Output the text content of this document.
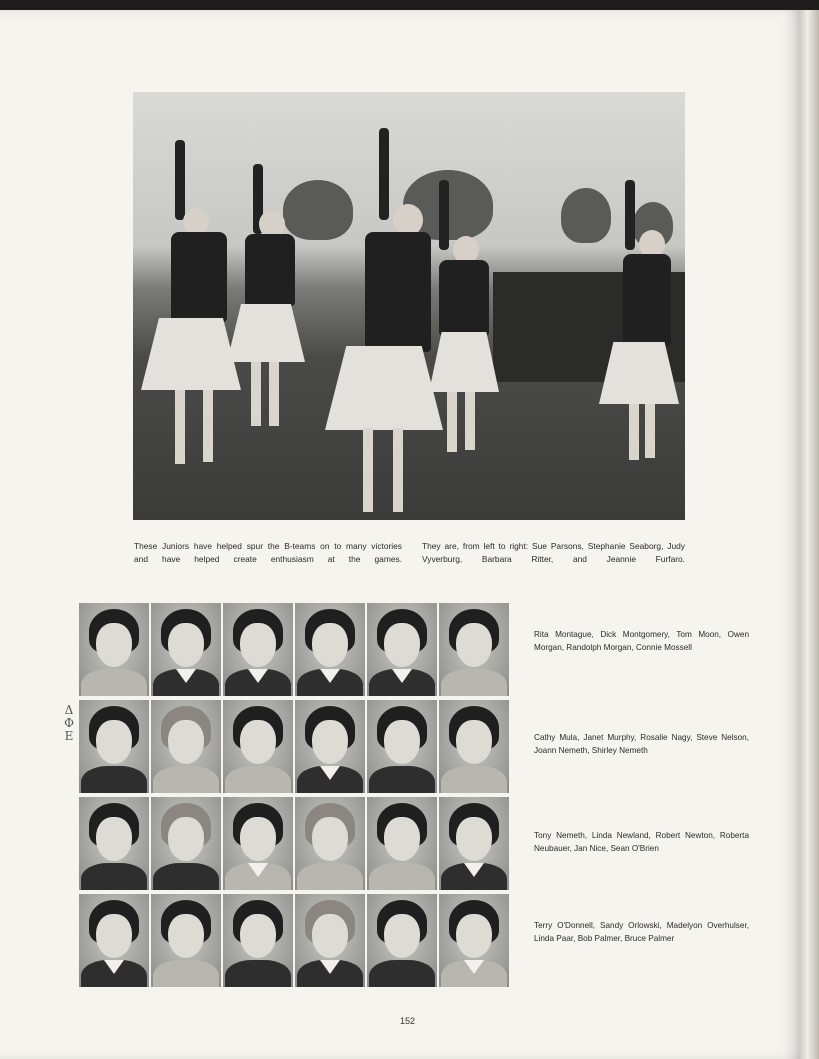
These Juniors have helped spur the B-teams on to many victories and have helped create enthusiasm at the games.

They are, from left to right: Sue Parsons, Stephanie Seaborg, Judy Vyverburg, Barbara Ritter, and Jeannie Furfaro.

Δ
Φ
E

Rita Montague, Dick Montgomery, Tom Moon, Owen Morgan, Randolph Morgan, Connie Mossell

Cathy Mula, Janet Murphy, Rosalie Nagy, Steve Nelson, Joann Nemeth, Shirley Nemeth

Tony Nemeth, Linda Newland, Robert Newton, Roberta Neubauer, Jan Nice, Sean O'Brien

Terry O'Donnell, Sandy Orlowski, Madelyon Overhulser, Linda Paar, Bob Palmer, Bruce Palmer

152
